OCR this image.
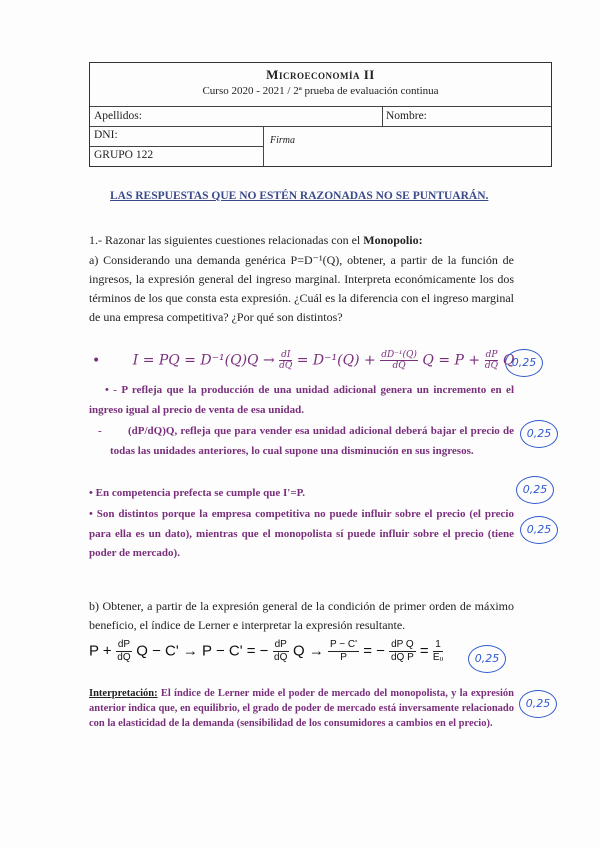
Microeconomía II
Curso 2020 - 2021 / 2ª prueba de evaluación continua
Apellidos:	Nombre:
DNI:	Firma
GRUPO 122
LAS RESPUESTAS QUE NO ESTÉN RAZONADAS NO SE PUNTUARÁN.
1.- Razonar las siguientes cuestiones relacionadas con el Monopolio:
a) Considerando una demanda genérica P=D⁻¹(Q), obtener, a partir de la función de ingresos, la expresión general del ingreso marginal. Interpreta económicamente los dos términos de los que consta esta expresión. ¿Cuál es la diferencia con el ingreso marginal de una empresa competitiva? ¿Por qué son distintos?
• I = PQ = $D^{-1}(Q)Q \to \frac{dI}{dQ} = D^{-1}(Q) + \frac{\text{dD⁻¹(Q)}}{dQ}$ $Q = P + \frac{dP}{dQ}$ Q
• - P refleja que la producción de una unidad adicional genera un incremento en el ingreso igual al precio de venta de esa unidad.
- (dP/dQ)Q, refleja que para vender esa unidad adicional deberá bajar el precio de todas las unidades anteriores, lo cual supone una disminución en sus ingresos.
• En competencia prefecta se cumple que I'=P.
• Son distintos porque la empresa competitiva no puede influir sobre el precio (el precio para ella es un dato), mientras que el monopolista sí puede influir sobre el precio (tiene poder de mercado).
b) Obtener, a partir de la expresión general de la condición de primer orden de máximo beneficio, el índice de Lerner e interpretar la expresión resultante.
$P + \frac{dP}{dQ}$ Q − C' → P − C' = − $\frac{dP}{dQ}$ $Q \to \frac{P - C'}{P}$ = − $\frac{\text{dP Q}}{\text{dQ P}} = \frac{1}{\text{Eᵤ}}$
Interpretación: El índice de Lerner mide el poder de mercado del monopolista, y la expresión anterior indica que, en equilibrio, el grado de poder de mercado está inversamente relacionado con la elasticidad de la demanda (sensibilidad de los consumidores a cambios en el precio).
0,25
0,25
0,25
0,25
0,25
0,25
